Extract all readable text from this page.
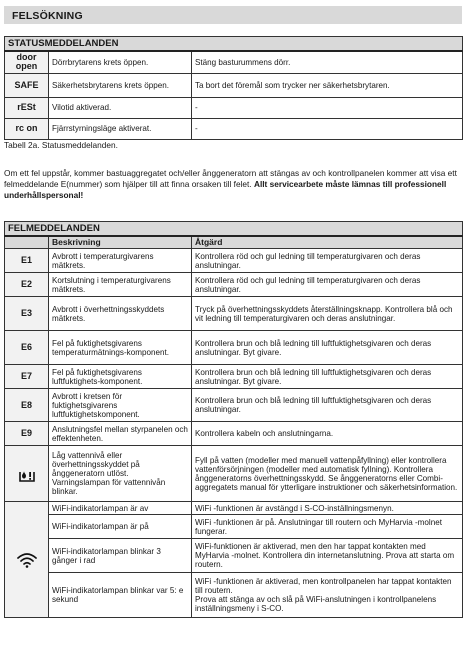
FELSÖKNING
STATUSMEDDELANDEN		
door
open	Dörrbrytarens krets öppen.	Stäng basturummens dörr.
SAFE	Säkerhetsbrytarens krets öppen.	Ta bort det föremål som trycker ner säkerhetsbrytaren.
rESt	Vilotid aktiverad.	-
rc on	Fjärrstyrningsläge aktiverat.	-
Tabell 2a. Statusmeddelanden.
Om ett fel uppstår, kommer bastuaggregatet och/eller ånggeneratorn att stängas av och kontrollpanelen kommer att visa ett felmeddelande E(nummer) som hjälper till att finna orsaken till felet. Allt servicearbete måste lämnas till professionell underhållspersonal!
FELMEDDELANDEN		
	Beskrivning	Åtgärd
E1	Avbrott i temperaturgivarens mätkrets.	Kontrollera röd och gul ledning till temperaturgivaren och deras anslutningar.
E2	Kortslutning i temperaturgivarens mätkrets.	Kontrollera röd och gul ledning till temperaturgivaren och deras anslutningar.
E3	Avbrott i överhettningsskyddets mätkrets.	Tryck på överhettningsskyddets återställningsknapp. Kontrollera blå och vit ledning till temperaturgivaren och deras anslutningar.
E6	Fel på fuktighetsgivarens temperaturmätnings-komponent.	Kontrollera brun och blå ledning till luftfuktighetsgivaren och deras anslutningar. Byt givare.
E7	Fel på fuktighetsgivarens luftfuktighets-komponent.	Kontrollera brun och blå ledning till luftfuktighetsgivaren och deras anslutningar. Byt givare.
E8	Avbrott i kretsen för fuktighetsgivarens luftfuktighetskomponent.	Kontrollera brun och blå ledning till luftfuktighetsgivaren och deras anslutningar.
E9	Anslutningsfel mellan styrpanelen och effektenheten.	Kontrollera kabeln och anslutningarna.

	Låg vattennivå eller överhettningsskyddet på ånggeneratorn utlöst. Varningslampan för vattennivån blinkar.	Fyll på vatten (modeller med manuell vattenpåfyllning) eller kontrollera vattenförsörjningen (modeller med automatisk fyllning). Kontrollera ånggeneratorns överhettningsskydd. Se ånggeneratorns eller Combi-aggregatets manual för ytterligare instruktioner och säkerhetsinformation.

	WiFi-indikatorlampan är av	WiFi -funktionen är avstängd i S-CO-inställningsmenyn.
	WiFi-indikatorlampan är på	WiFi -funktionen är på. Anslutningar till routern och MyHarvia -molnet fungerar.
	WiFi-indikatorlampan blinkar 3 gånger i rad	WiFi-funktionen är aktiverad, men den har tappat kontakten med MyHarvia -molnet. Kontrollera din internetanslutning. Prova att starta om routern.
	WiFi-indikatorlampan blinkar var 5: e sekund	WiFi -funktionen är aktiverad, men kontrollpanelen har tappat kontakten till routern.
Prova att stänga av och slå på WiFi-anslutningen i kontrollpanelens inställningsmeny i S-CO.
